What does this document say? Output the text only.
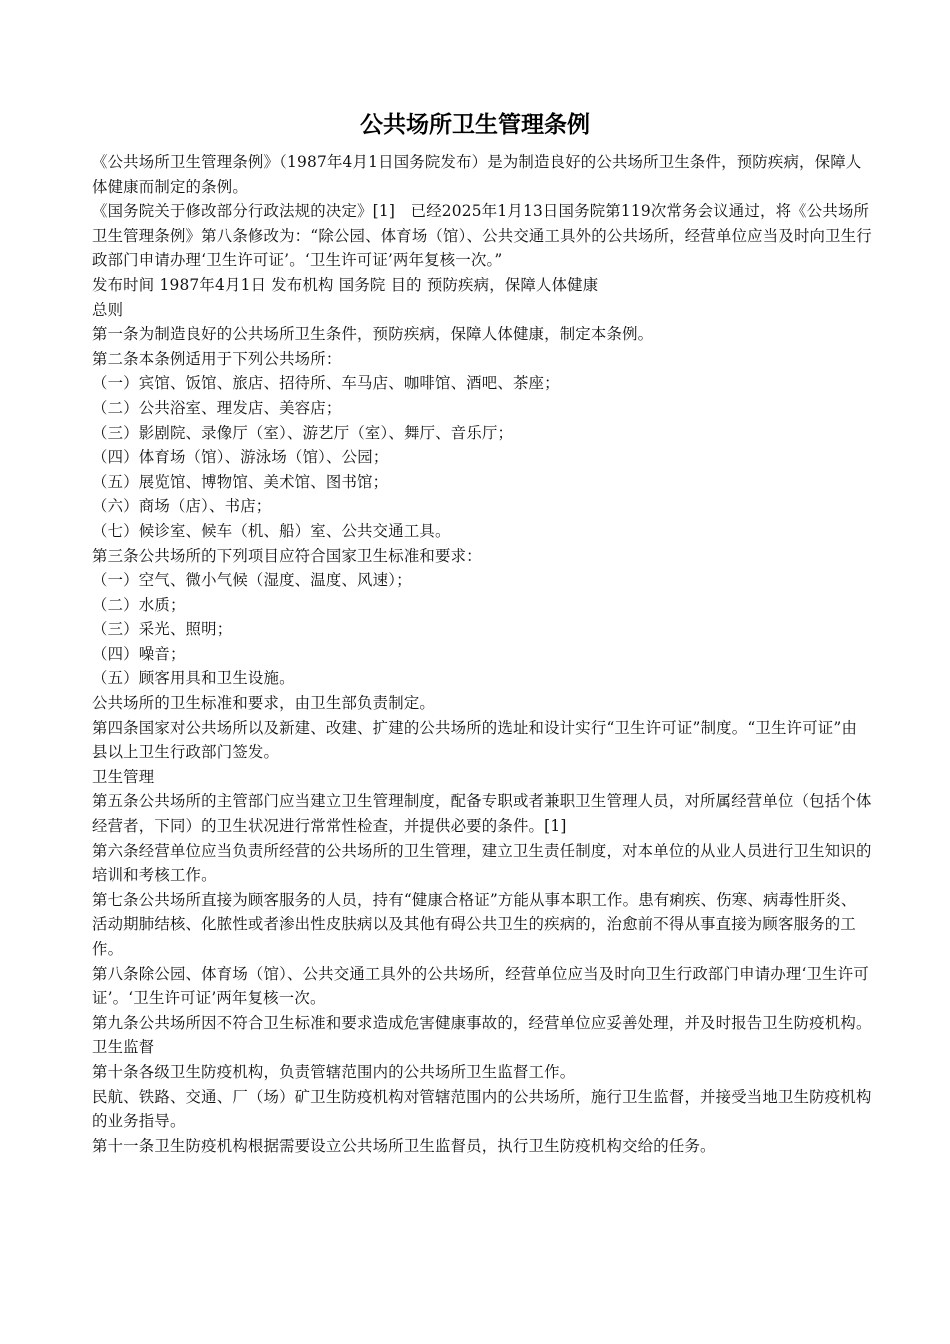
公共场所卫生管理条例

《公共场所卫生管理条例》（1987年4月1日国务院发布）是为制造良好的公共场所卫生条件，预防疾病，保障人体健康而制定的条例。

《国务院关于修改部分行政法规的决定》[1]　已经2025年1月13日国务院第119次常务会议通过，将《公共场所卫生管理条例》第八条修改为：“除公园、体育场（馆）、公共交通工具外的公共场所，经营单位应当及时向卫生行政部门申请办理‘卫生许可证’。‘卫生许可证’两年复核一次。”

发布时间 1987年4月1日 发布机构 国务院 目的 预防疾病，保障人体健康

总则

第一条为制造良好的公共场所卫生条件，预防疾病，保障人体健康，制定本条例。

第二条本条例适用于下列公共场所：

（一）宾馆、饭馆、旅店、招待所、车马店、咖啡馆、酒吧、茶座；

（二）公共浴室、理发店、美容店；

（三）影剧院、录像厅（室）、游艺厅（室）、舞厅、音乐厅；

（四）体育场（馆）、游泳场（馆）、公园；

（五）展览馆、博物馆、美术馆、图书馆；

（六）商场（店）、书店；

（七）候诊室、候车（机、船）室、公共交通工具。

第三条公共场所的下列项目应符合国家卫生标准和要求：

（一）空气、微小气候（湿度、温度、风速）；

（二）水质；

（三）采光、照明；

（四）噪音；

（五）顾客用具和卫生设施。

公共场所的卫生标准和要求，由卫生部负责制定。

第四条国家对公共场所以及新建、改建、扩建的公共场所的选址和设计实行“卫生许可证”制度。“卫生许可证”由县以上卫生行政部门签发。

卫生管理

第五条公共场所的主管部门应当建立卫生管理制度，配备专职或者兼职卫生管理人员，对所属经营单位（包括个体经营者，下同）的卫生状况进行常常性检查，并提供必要的条件。[1]

第六条经营单位应当负责所经营的公共场所的卫生管理，建立卫生责任制度，对本单位的从业人员进行卫生知识的培训和考核工作。

第七条公共场所直接为顾客服务的人员，持有“健康合格证”方能从事本职工作。患有痢疾、伤寒、病毒性肝炎、活动期肺结核、化脓性或者渗出性皮肤病以及其他有碍公共卫生的疾病的，治愈前不得从事直接为顾客服务的工作。

第八条除公园、体育场（馆）、公共交通工具外的公共场所，经营单位应当及时向卫生行政部门申请办理‘卫生许可证’。‘卫生许可证’两年复核一次。

第九条公共场所因不符合卫生标准和要求造成危害健康事故的，经营单位应妥善处理，并及时报告卫生防疫机构。

卫生监督

第十条各级卫生防疫机构，负责管辖范围内的公共场所卫生监督工作。

民航、铁路、交通、厂（场）矿卫生防疫机构对管辖范围内的公共场所，施行卫生监督，并接受当地卫生防疫机构的业务指导。

第十一条卫生防疫机构根据需要设立公共场所卫生监督员，执行卫生防疫机构交给的任务。
